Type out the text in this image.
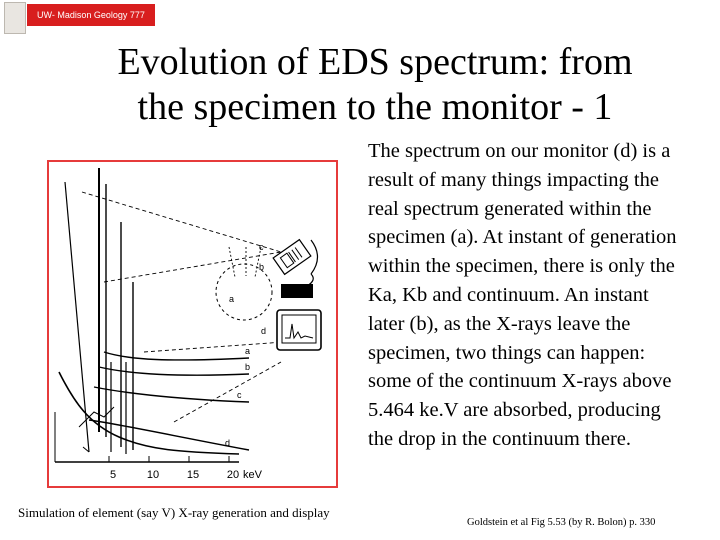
UW- Madison Geology 777
Evolution of EDS spectrum: from
the specimen to the monitor - 1
c
b
a
d
a
b
c
d
5	10	15	20 keV
Simulation of element (say V) X-ray generation and display
The spectrum on our monitor (d) is a result of many things impacting the real spectrum generated within the specimen (a). At instant of generation within the specimen, there is only the Ka, Kb and continuum. An instant later (b), as the X-rays leave the specimen, two things can happen: some of the continuum X-rays above 5.464 ke.V are absorbed, producing the drop in the continuum there.
Goldstein et al Fig 5.53 (by R. Bolon) p. 330
